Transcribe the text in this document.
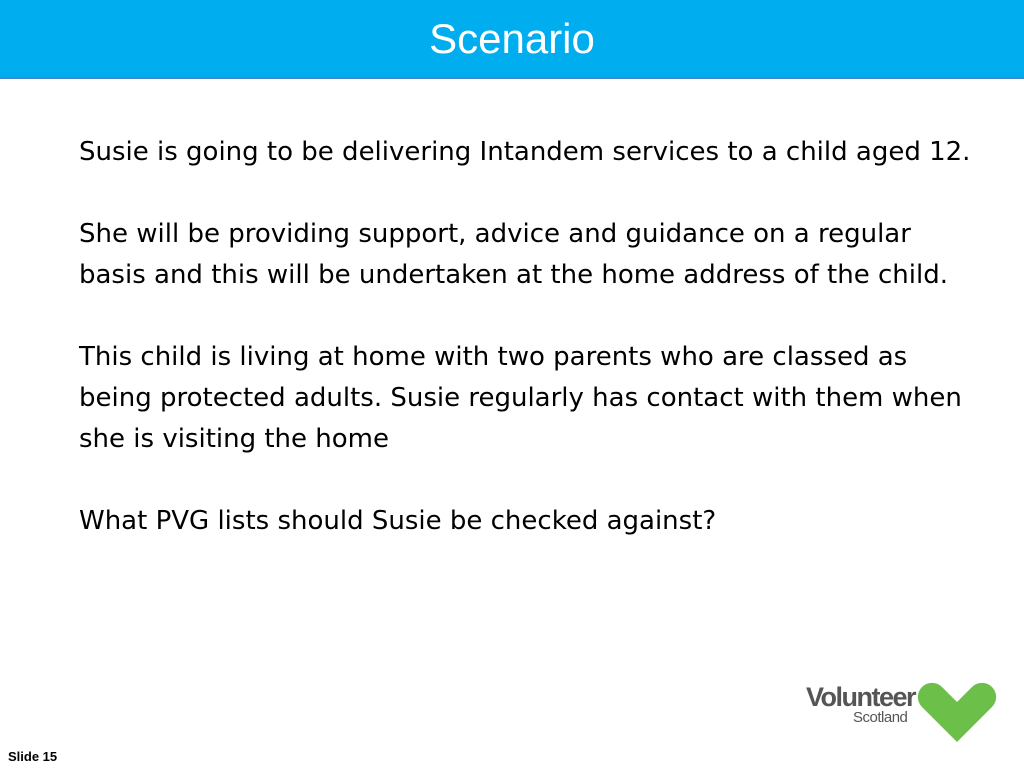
Scenario

Susie is going to be delivering Intandem services to a child aged 12.

She will be providing support, advice and guidance on a regular basis and this will be undertaken at the home address of the child.

This child is living at home with two parents who are classed as being protected adults. Susie regularly has contact with them when she is visiting the home

What PVG lists should Susie be checked against?

Slide 15
Volunteer
Scotland
